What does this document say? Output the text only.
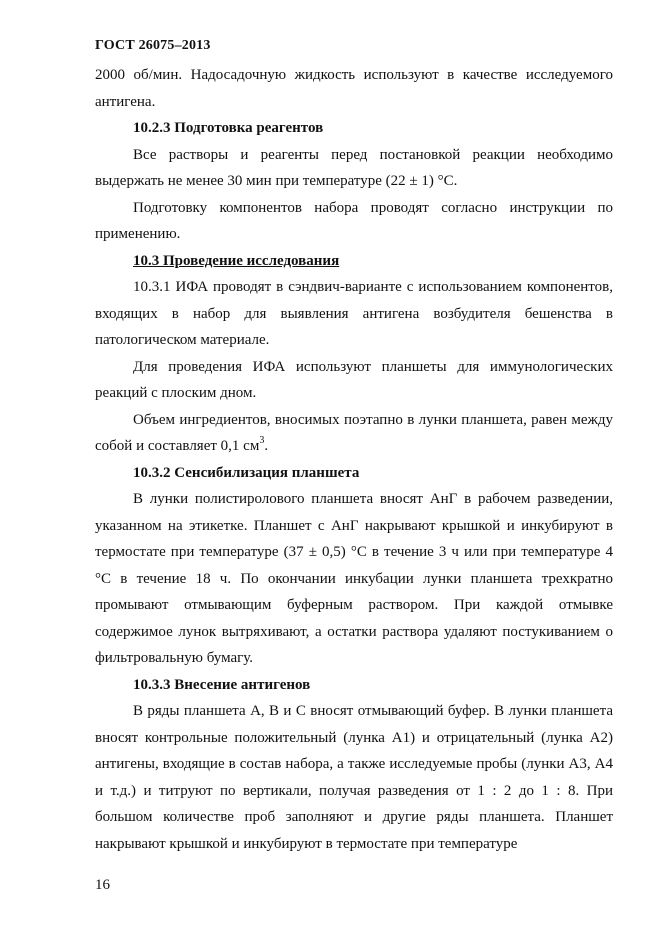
ГОСТ 26075–2013

2000 об/мин. Надосадочную жидкость используют в качестве исследуемого антигена.

10.2.3 Подготовка реагентов

Все растворы и реагенты перед постановкой реакции необходимо выдержать не менее 30 мин при температуре (22 ± 1) °С.

Подготовку компонентов набора проводят согласно инструкции по применению.

10.3 Проведение исследования

10.3.1 ИФА проводят в сэндвич-варианте с использованием компонентов, входящих в набор для выявления антигена возбудителя бешенства в патологическом материале.

Для проведения ИФА используют планшеты для иммунологических реакций с плоским дном.

Объем ингредиентов, вносимых поэтапно в лунки планшета, равен между собой и составляет 0,1 $см^3$.

10.3.2 Сенсибилизация планшета

В лунки полистиролового планшета вносят АнГ в рабочем разведении, указанном на этикетке. Планшет с АнГ накрывают крышкой и инкубируют в термостате при температуре (37 ± 0,5) °С в течение 3 ч или при температуре 4 °С в течение 18 ч. По окончании инкубации лунки планшета трехкратно промывают отмывающим буферным раствором. При каждой отмывке содержимое лунок вытряхивают, а остатки раствора удаляют постукиванием о фильтровальную бумагу.

10.3.3 Внесение антигенов

В ряды планшета А, В и С вносят отмывающий буфер. В лунки планшета вносят контрольные положительный (лунка А1) и отрицательный (лунка А2) антигены, входящие в состав набора, а также исследуемые пробы (лунки А3, А4 и т.д.) и титруют по вертикали, получая разведения от 1 : 2 до 1 : 8. При большом количестве проб заполняют и другие ряды планшета. Планшет накрывают крышкой и инкубируют в термостате при температуре

16
